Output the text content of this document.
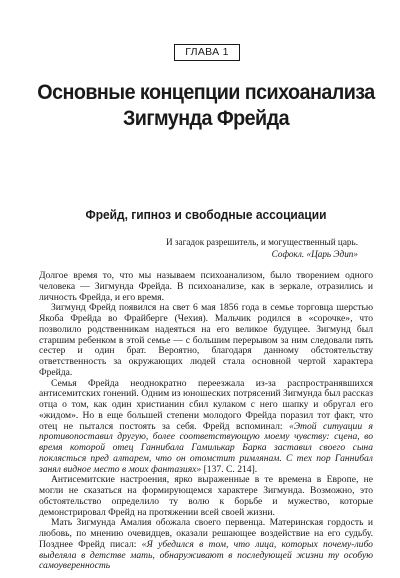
ГЛАВА 1
Основные концепции психоанализа
Зигмунда Фрейда
Фрейд, гипноз и свободные ассоциации
И загадок разрешитель, и могущественный царь.
Софокл. «Царь Эдип»

Долгое время то, что мы называем психоанализом, было творением одного человека — Зигмунда Фрейда. В психоанализе, как в зеркале, отразились и личность Фрейда, и его время.

Зигмунд Фрейд появился на свет 6 мая 1856 года в семье торговца шерстью Якоба Фрейда во Фрайберге (Чехия). Мальчик родился в «сорочке», что позволило родственникам надеяться на его великое будущее. Зигмунд был старшим ребенком в этой семье — с большим перерывом за ним следовали пять сестер и один брат. Вероятно, благодаря данному обстоятельству ответственность за окружающих людей стала основной чертой характера Фрейда.

Семья Фрейда неоднократно переезжала из-за распространявшихся антисемитских гонений. Одним из юношеских потрясений Зигмунда был рассказ отца о том, как один христианин сбил кулаком с него шапку и обругал его «жидом». Но в еще большей степени молодого Фрейда поразил тот факт, что отец не пытался постоять за себя. Фрейд вспоминал: «Этой ситуации я противопоставил другую, более соответствующую моему чувству: сцена, во время которой отец Ганнибала Гамилькар Барка заставил своего сына поклясться пред алтарем, что он отомстит римлянам. С тех пор Ганнибал занял видное место в моих фантазиях» [137. С. 214].

Антисемитские настроения, ярко выраженные в те времена в Европе, не могли не сказаться на формирующемся характере Зигмунда. Возможно, это обстоятельство определило ту волю к борьбе и мужество, которые демонстрировал Фрейд на протяжении всей своей жизни.

Мать Зигмунда Амалия обожала своего первенца. Материнская гордость и любовь, по мнению очевидцев, оказали решающее воздействие на его судьбу. Позднее Фрейд писал: «Я убедился в том, что лица, которых почему-либо выделяла в детстве мать, обнаруживают в последующей жизни ту особую самоуверенность
